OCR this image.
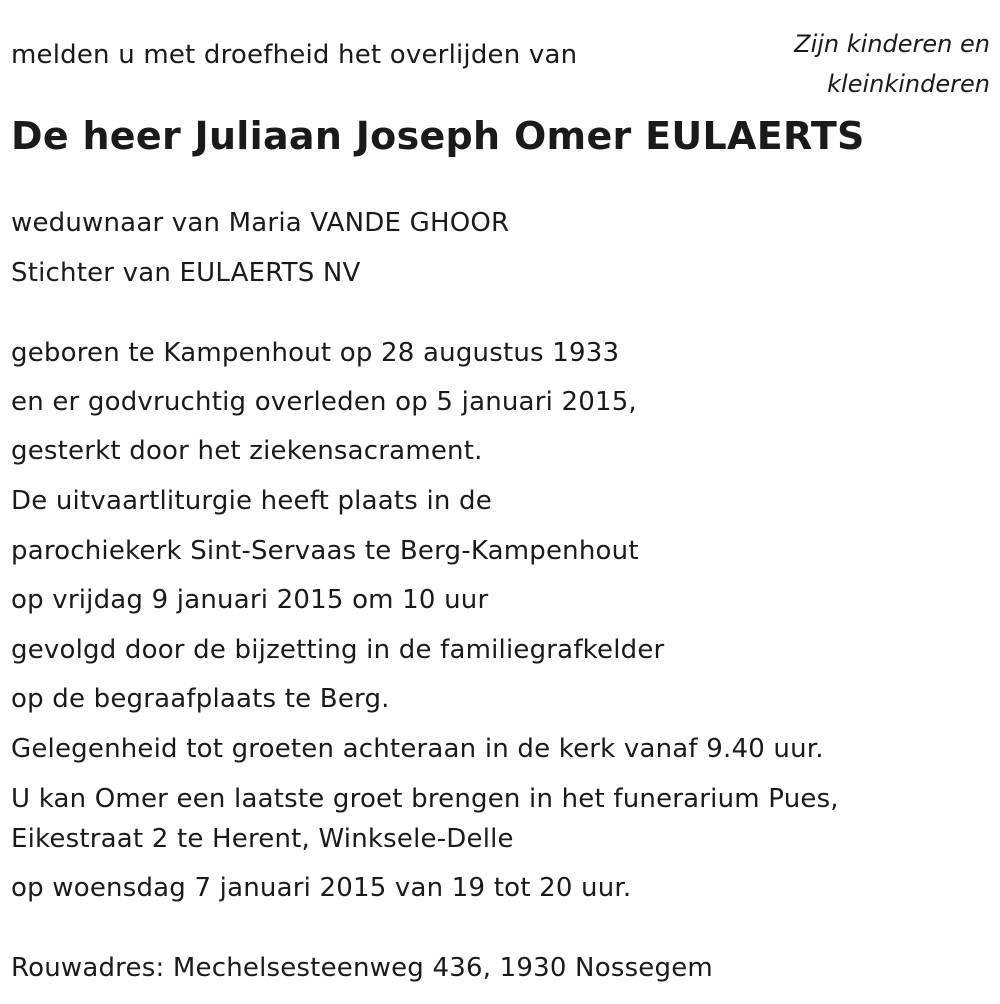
melden u met droefheid het overlijden van	Zijn kinderen en
kleinkinderen
De heer Juliaan Joseph Omer EULAERTS

weduwnaar van Maria VANDE GHOOR

Stichter van EULAERTS NV

geboren te Kampenhout op 28 augustus 1933

en er godvruchtig overleden op 5 januari 2015,

gesterkt door het ziekensacrament.

De uitvaartliturgie heeft plaats in de

parochiekerk Sint-Servaas te Berg-Kampenhout

op vrijdag 9 januari 2015 om 10 uur

gevolgd door de bijzetting in de familiegrafkelder

op de begraafplaats te Berg.

Gelegenheid tot groeten achteraan in de kerk vanaf 9.40 uur.

U kan Omer een laatste groet brengen in het funerarium Pues,

Eikestraat 2 te Herent, Winksele-Delle

op woensdag 7 januari 2015 van 19 tot 20 uur.

Rouwadres: Mechelsesteenweg 436, 1930 Nossegem
